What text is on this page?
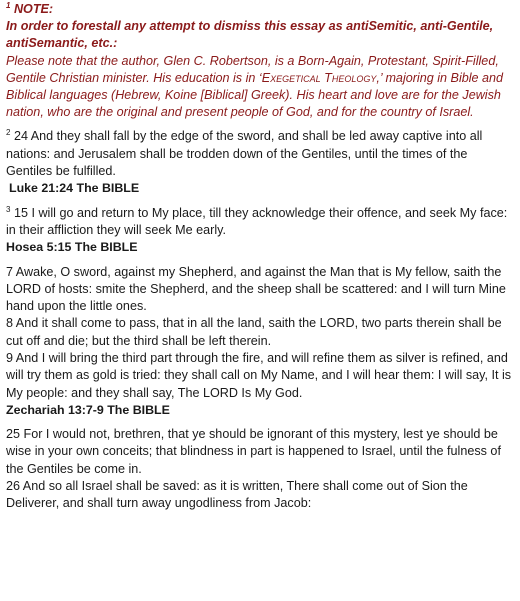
$^1$ NOTE:

In order to forestall any attempt to dismiss this essay as antiSemitic, anti-Gentile, antiSemantic, etc.:

Please note that the author, Glen C. Robertson, is a Born-Again, Protestant, Spirit-Filled, Gentile Christian minister. His education is in ‘Exegetical Theology,’ majoring in Bible and Biblical languages (Hebrew, Koine [Biblical] Greek). His heart and love are for the Jewish nation, who are the original and present people of God, and for the country of Israel.

$^2$ 24 And they shall fall by the edge of the sword, and shall be led away captive into all nations: and Jerusalem shall be trodden down of the Gentiles, until the times of the Gentiles be fulfilled.

Luke 21:24 The BIBLE

$^3$ 15 I will go and return to My place, till they acknowledge their offence, and seek My face: in their affliction they will seek Me early.

Hosea 5:15 The BIBLE

7 Awake, O sword, against my Shepherd, and against the Man that is My fellow, saith the LORD of hosts: smite the Shepherd, and the sheep shall be scattered: and I will turn Mine hand upon the little ones.

8 And it shall come to pass, that in all the land, saith the LORD, two parts therein shall be cut off and die; but the third shall be left therein.

9 And I will bring the third part through the fire, and will refine them as silver is refined, and will try them as gold is tried: they shall call on My Name, and I will hear them: I will say, It is My people: and they shall say, The LORD Is My God.

Zechariah 13:7-9 The BIBLE

25 For I would not, brethren, that ye should be ignorant of this mystery, lest ye should be wise in your own conceits; that blindness in part is happened to Israel, until the fulness of the Gentiles be come in.

26 And so all Israel shall be saved: as it is written, There shall come out of Sion the Deliverer, and shall turn away ungodliness from Jacob:
